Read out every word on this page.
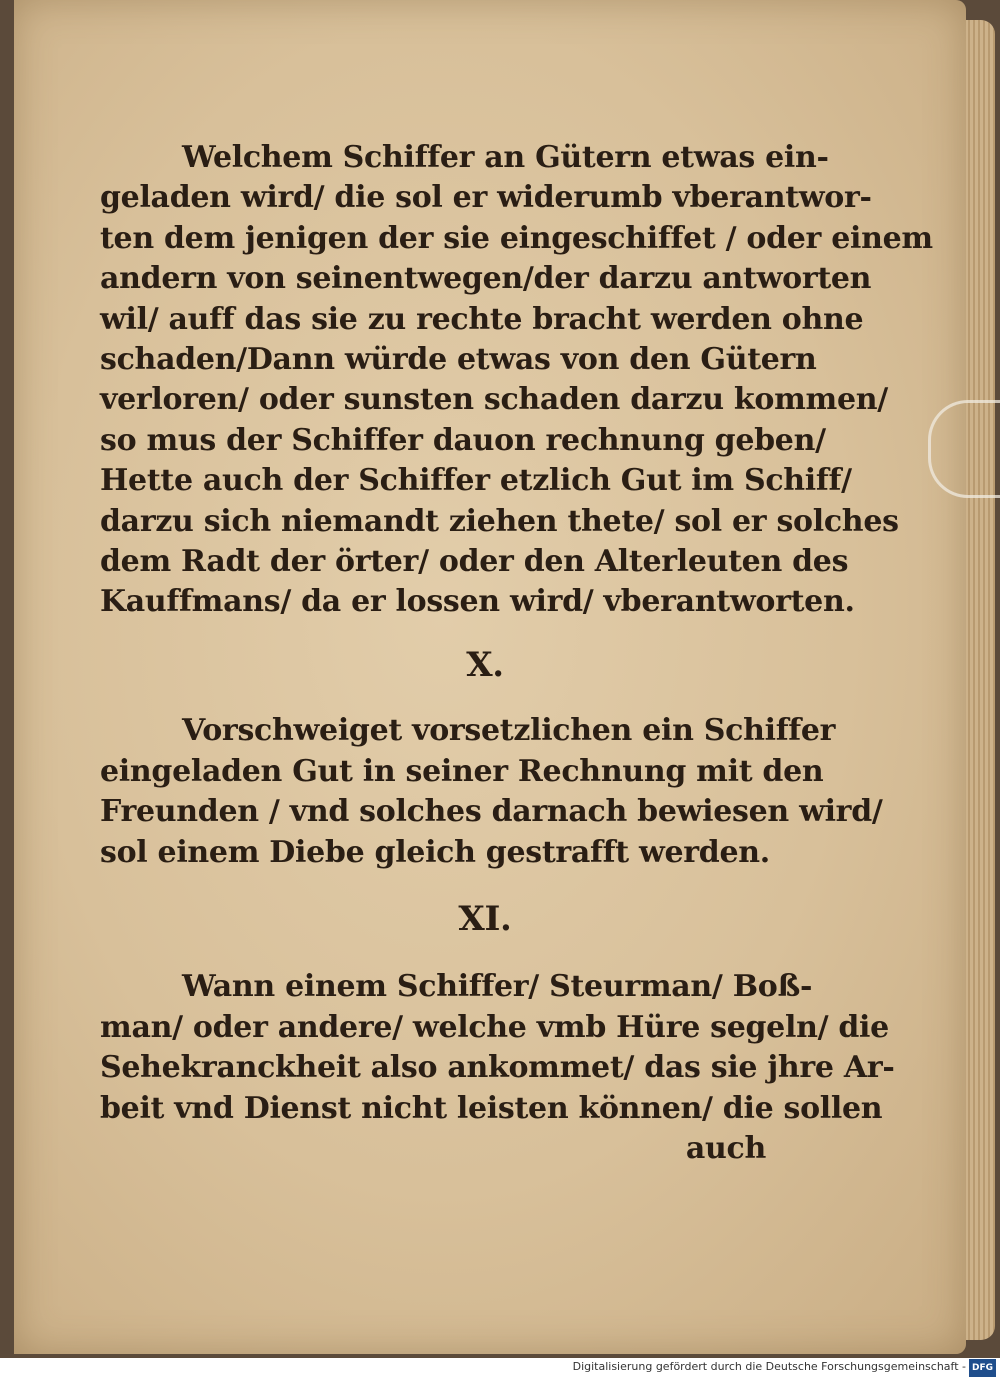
Welchem Schiffer an Gütern etwas ein-
geladen wird/ die sol er widerumb vberantwor-
ten dem jenigen der sie eingeschiffet / oder einem
andern von seinentwegen/der darzu antworten
wil/ auff das sie zu rechte bracht werden ohne
schaden/Dann würde etwas von den Gütern
verloren/ oder sunsten schaden darzu kommen/
so mus der Schiffer dauon rechnung geben/
Hette auch der Schiffer etzlich Gut im Schiff/
darzu sich niemandt ziehen thete/ sol er solches
dem Radt der örter/ oder den Alterleuten des
Kauffmans/ da er lossen wird/ vberantworten.
X.
Vorschweiget vorsetzlichen ein Schiffer
eingeladen Gut in seiner Rechnung mit den
Freunden / vnd solches darnach bewiesen wird/
sol einem Diebe gleich gestrafft werden.
XI.
Wann einem Schiffer/ Steurman/ Boß-
man/ oder andere/ welche vmb Hüre segeln/ die
Sehekranckheit also ankommet/ das sie jhre Ar-
beit vnd Dienst nicht leisten können/ die sollen
auch
Digitalisierung gefördert durch die Deutsche Forschungsgemeinschaft - DFG
